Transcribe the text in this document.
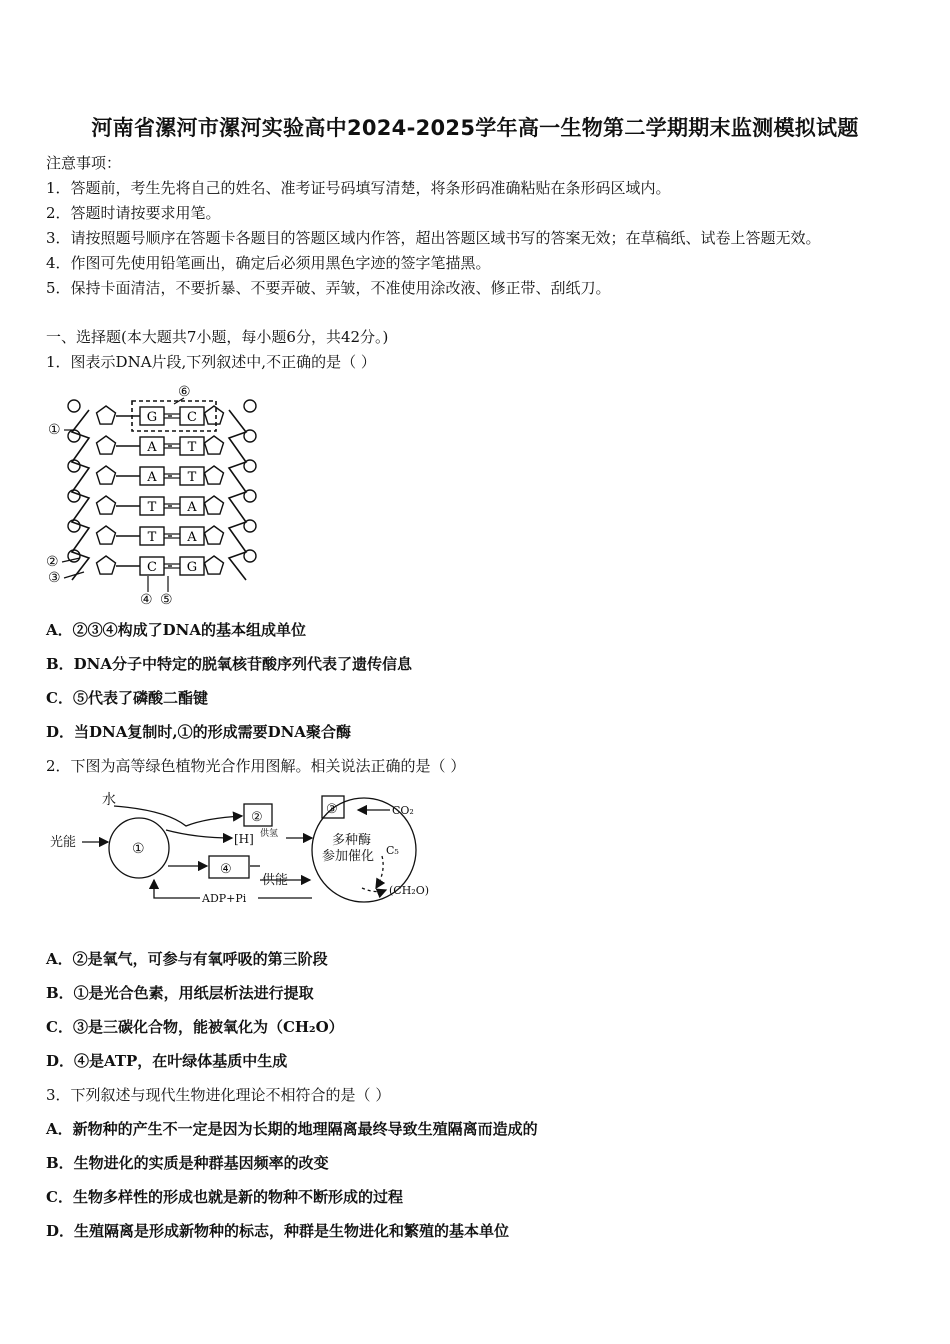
河南省漯河市漯河实验高中2024-2025学年高一生物第二学期期末监测模拟试题
注意事项：
1．答题前，考生先将自己的姓名、准考证号码填写清楚，将条形码准确粘贴在条形码区域内。
2．答题时请按要求用笔。
3．请按照题号顺序在答题卡各题目的答题区域内作答，超出答题区域书写的答案无效；在草稿纸、试卷上答题无效。
4．作图可先使用铅笔画出，确定后必须用黑色字迹的签字笔描黑。
5．保持卡面清洁，不要折暴、不要弄破、弄皱，不准使用涂改液、修正带、刮纸刀。
一、选择题(本大题共7小题，每小题6分，共42分。)
1．图表示DNA片段,下列叙述中,不正确的是（ ）
G C
A T
A T
T A
T A
C G
⑥
①
②
③
④ ⑤
A．②③④构成了DNA的基本组成单位
B．DNA分子中特定的脱氧核苷酸序列代表了遗传信息
C．⑤代表了磷酸二酯键
D．当DNA复制时,①的形成需要DNA聚合酶
2．下图为高等绿色植物光合作用图解。相关说法正确的是（ ）
水
光能	①
②
④
③
[H] 供氢
供能
ADP+Pi
CO₂
C₅
(CH₂O)
多种酶
参加催化
A．②是氧气，可参与有氧呼吸的第三阶段
B．①是光合色素，用纸层析法进行提取
C．③是三碳化合物，能被氧化为（CH₂O）
D．④是ATP，在叶绿体基质中生成
3．下列叙述与现代生物进化理论不相符合的是（ ）
A．新物种的产生不一定是因为长期的地理隔离最终导致生殖隔离而造成的
B．生物进化的实质是种群基因频率的改变
C．生物多样性的形成也就是新的物种不断形成的过程
D．生殖隔离是形成新物种的标志，种群是生物进化和繁殖的基本单位
